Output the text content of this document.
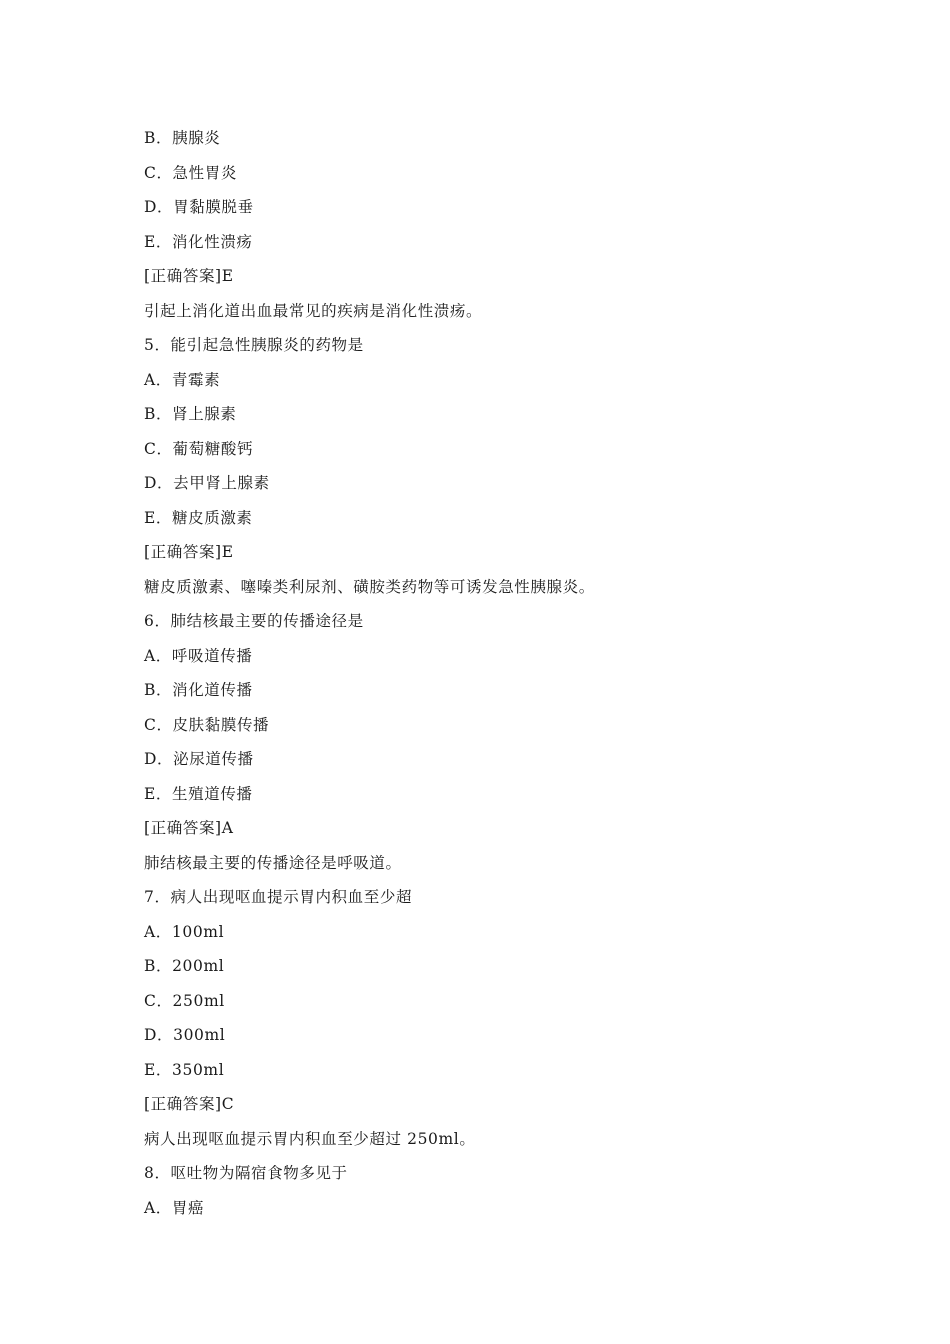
B．胰腺炎
C．急性胃炎
D．胃黏膜脱垂
E．消化性溃疡
[正确答案]E
引起上消化道出血最常见的疾病是消化性溃疡。
5．能引起急性胰腺炎的药物是
A．青霉素
B．肾上腺素
C．葡萄糖酸钙
D．去甲肾上腺素
E．糖皮质激素
[正确答案]E
糖皮质激素、噻嗪类利尿剂、磺胺类药物等可诱发急性胰腺炎。
6．肺结核最主要的传播途径是
A．呼吸道传播
B．消化道传播
C．皮肤黏膜传播
D．泌尿道传播
E．生殖道传播
[正确答案]A
肺结核最主要的传播途径是呼吸道。
7．病人出现呕血提示胃内积血至少超
A．100ml
B．200ml
C．250ml
D．300ml
E．350ml
[正确答案]C
病人出现呕血提示胃内积血至少超过 250ml。
8．呕吐物为隔宿食物多见于
A．胃癌
